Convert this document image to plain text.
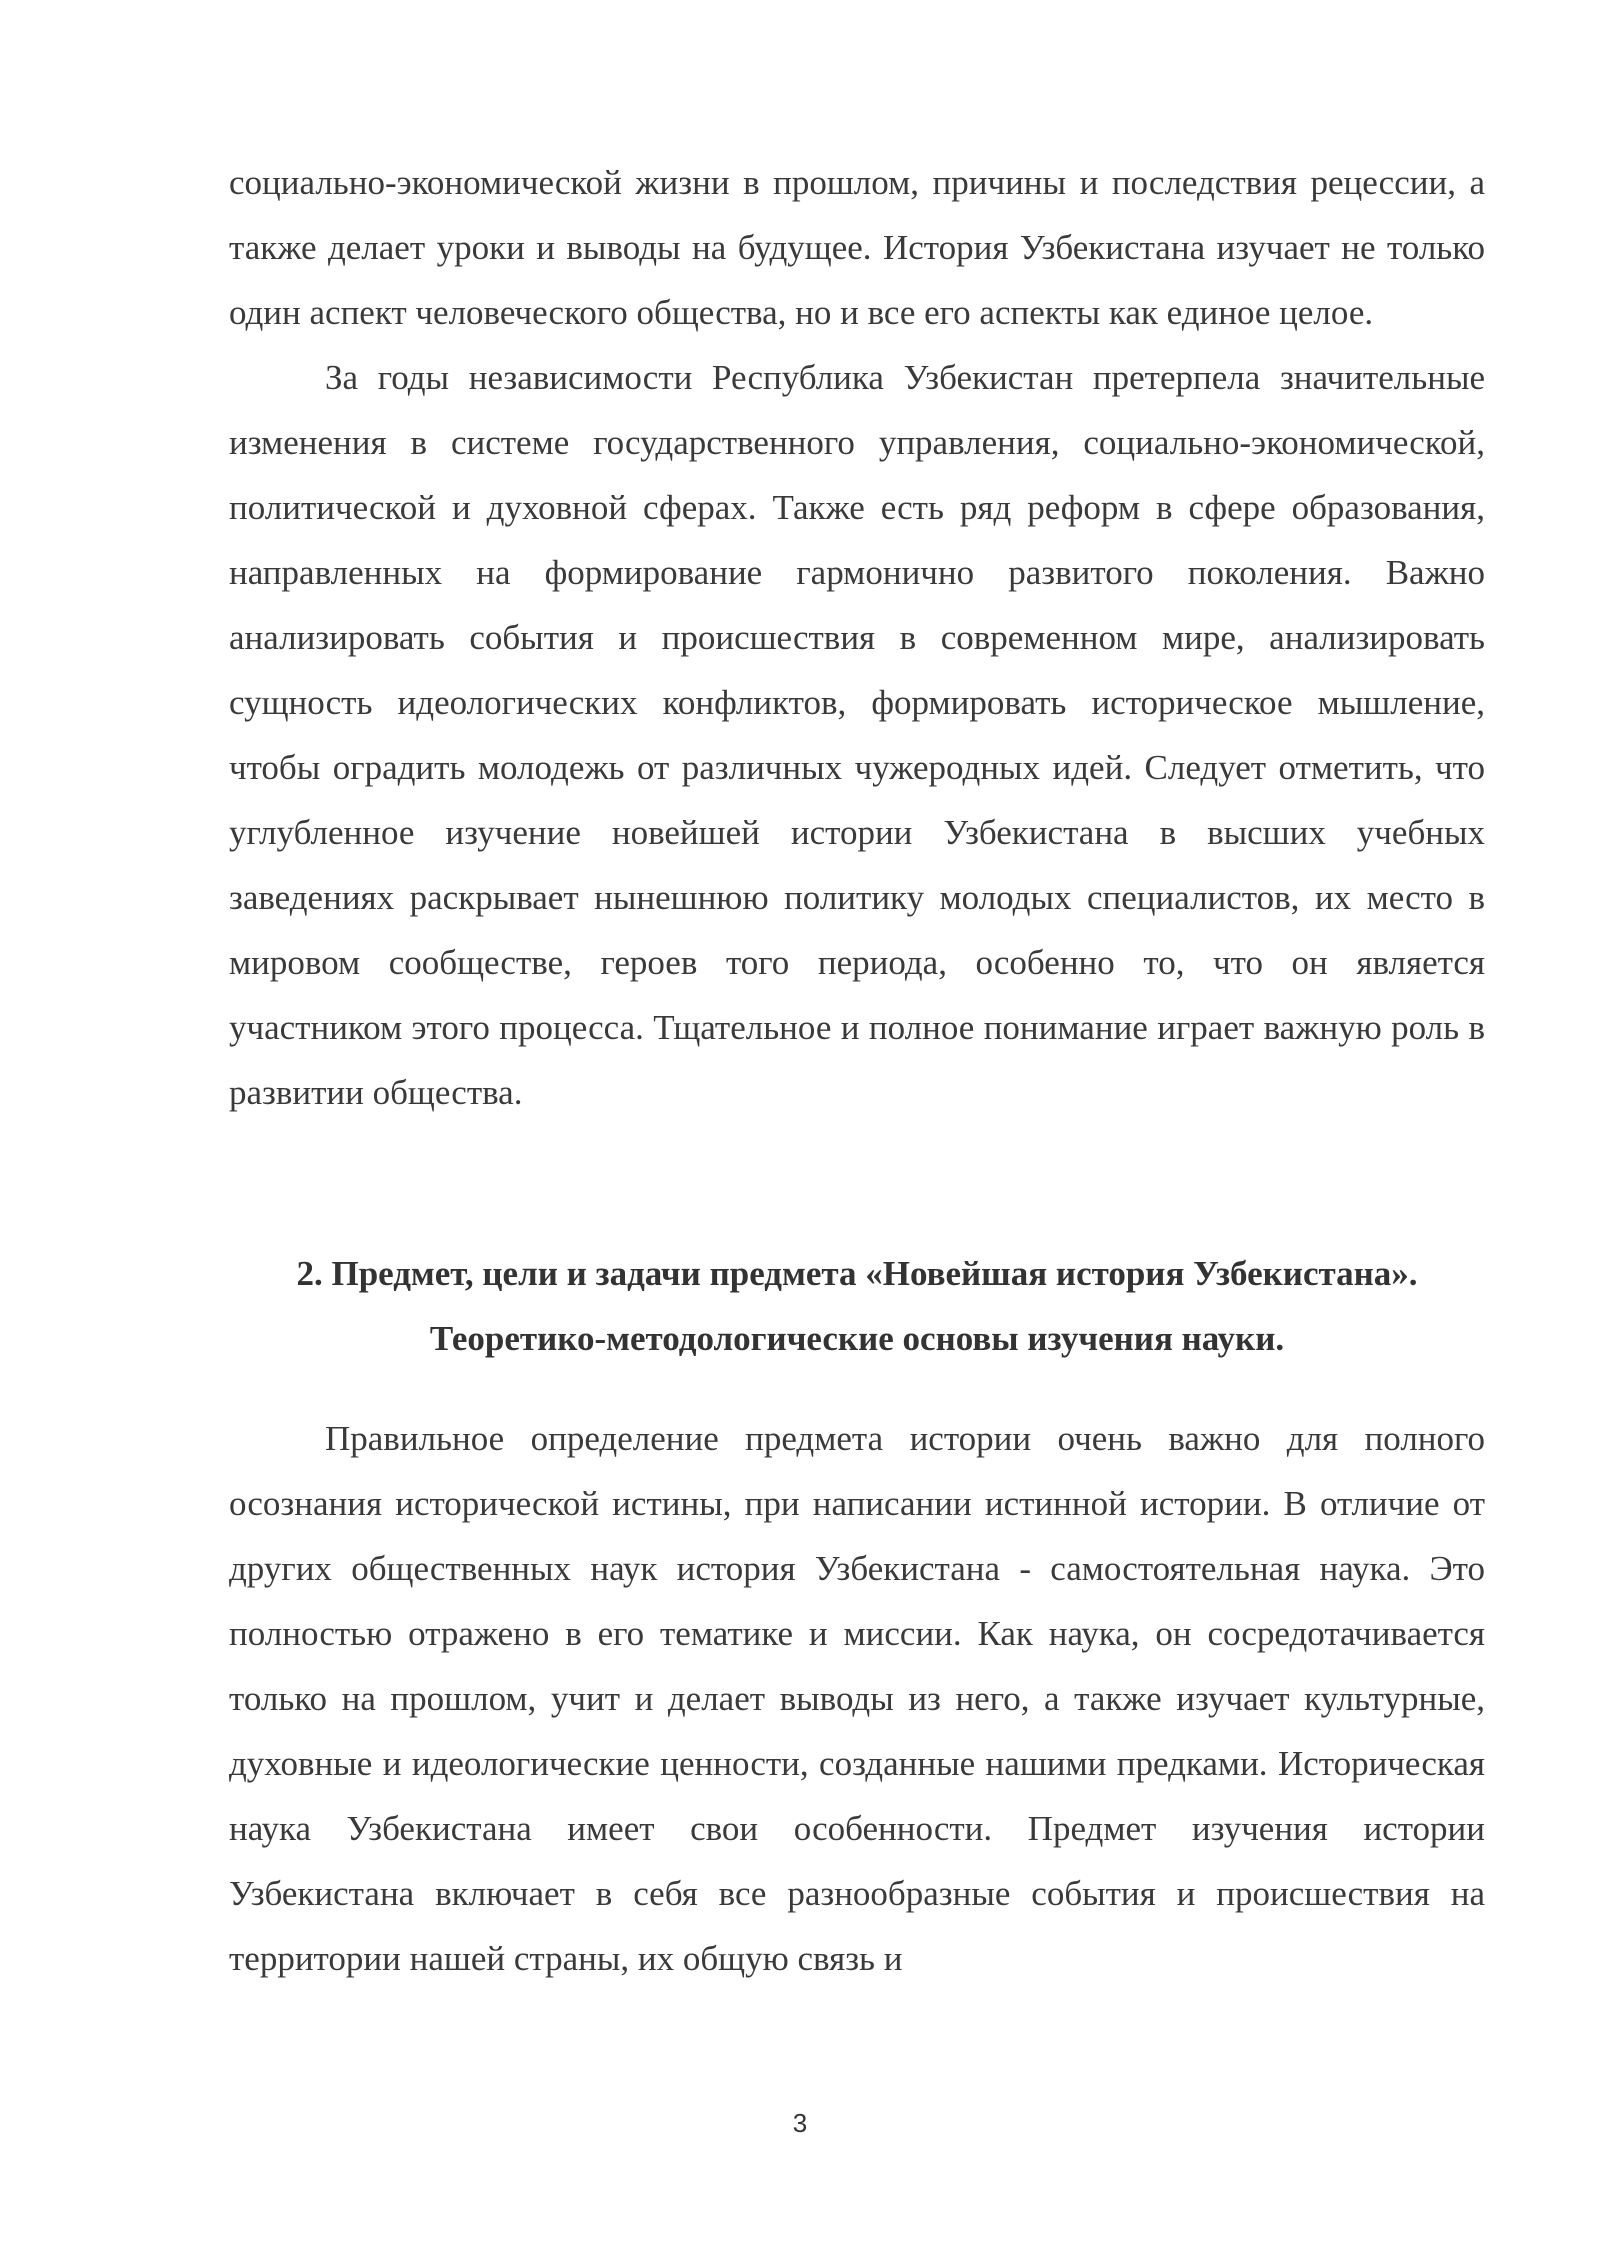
социально-экономической жизни в прошлом, причины и последствия рецессии, а также делает уроки и выводы на будущее. История Узбекистана изучает не только один аспект человеческого общества, но и все его аспекты как единое целое.

За годы независимости Республика Узбекистан претерпела значительные изменения в системе государственного управления, социально-экономической, политической и духовной сферах. Также есть ряд реформ в сфере образования, направленных на формирование гармонично развитого поколения. Важно анализировать события и происшествия в современном мире, анализировать сущность идеологических конфликтов, формировать историческое мышление, чтобы оградить молодежь от различных чужеродных идей. Следует отметить, что углубленное изучение новейшей истории Узбекистана в высших учебных заведениях раскрывает нынешнюю политику молодых специалистов, их место в мировом сообществе, героев того периода, особенно то, что он является участником этого процесса. Тщательное и полное понимание играет важную роль в развитии общества.

2. Предмет, цели и задачи предмета «Новейшая история Узбекистана».

Теоретико-методологические основы изучения науки.

Правильное определение предмета истории очень важно для полного осознания исторической истины, при написании истинной истории. В отличие от других общественных наук история Узбекистана - самостоятельная наука. Это полностью отражено в его тематике и миссии. Как наука, он сосредотачивается только на прошлом, учит и делает выводы из него, а также изучает культурные, духовные и идеологические ценности, созданные нашими предками. Историческая наука Узбекистана имеет свои особенности. Предмет изучения истории Узбекистана включает в себя все разнообразные события и происшествия на территории нашей страны, их общую связь и

3
